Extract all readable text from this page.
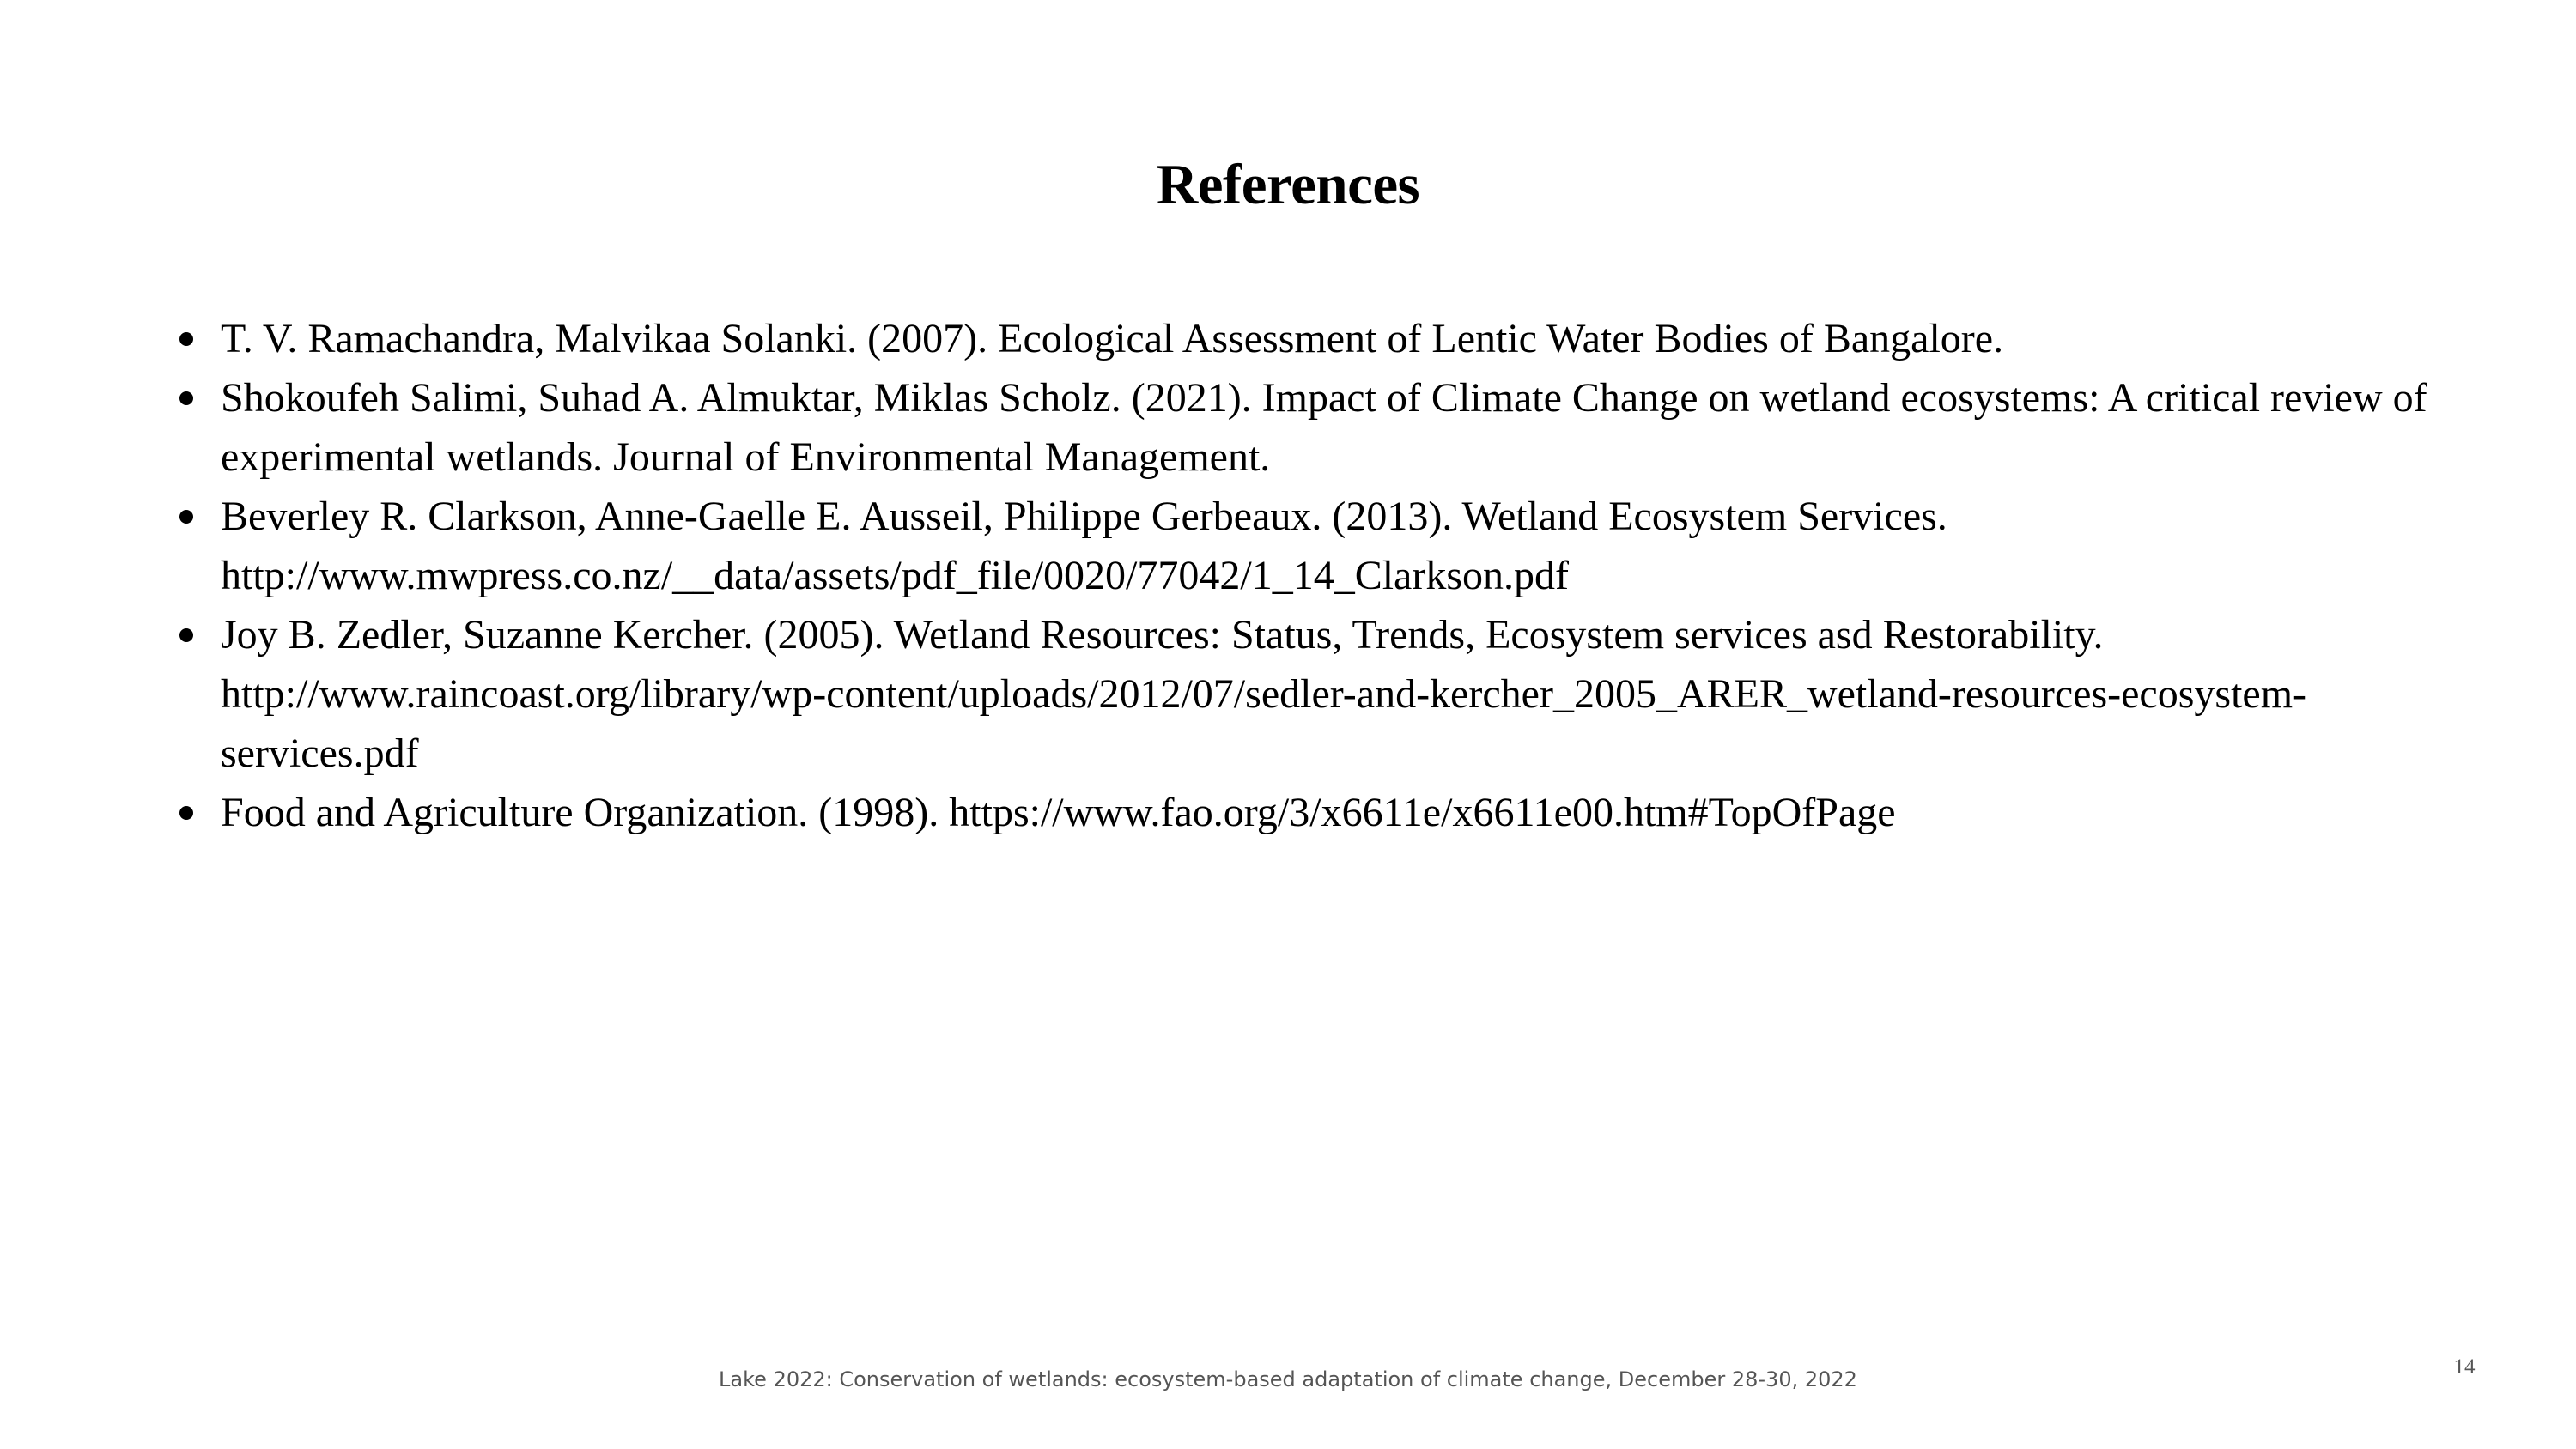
References
T. V. Ramachandra, Malvikaa Solanki. (2007). Ecological Assessment of Lentic Water Bodies of Bangalore.
Shokoufeh Salimi, Suhad A. Almuktar, Miklas Scholz. (2021). Impact of Climate Change on wetland ecosystems: A critical review of experimental wetlands. Journal of Environmental Management.
Beverley R. Clarkson, Anne-Gaelle E. Ausseil, Philippe Gerbeaux. (2013). Wetland Ecosystem Services. http://www.mwpress.co.nz/__data/assets/pdf_file/0020/77042/1_14_Clarkson.pdf
Joy B. Zedler, Suzanne Kercher. (2005). Wetland Resources: Status, Trends, Ecosystem services asd Restorability. http://www.raincoast.org/library/wp-content/uploads/2012/07/sedler-and-kercher_2005_ARER_wetland-resources-ecosystem-services.pdf
Food and Agriculture Organization. (1998). https://www.fao.org/3/x6611e/x6611e00.htm#TopOfPage
Lake 2022: Conservation of wetlands: ecosystem-based adaptation of climate change, December 28-30, 2022
14
